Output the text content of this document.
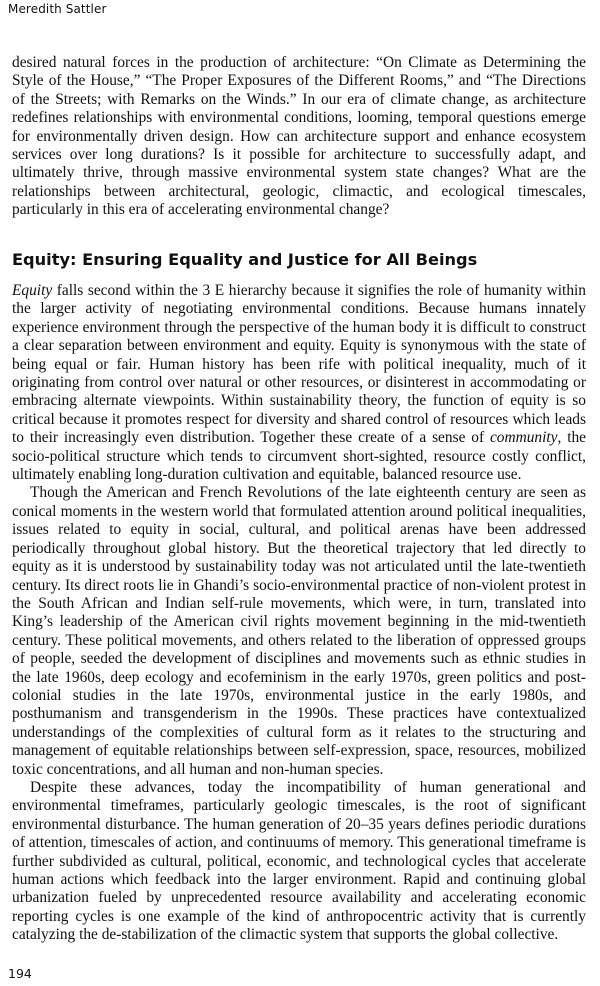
Meredith Sattler

desired natural forces in the production of architecture: “On Climate as Determining the Style of the House,” “The Proper Exposures of the Different Rooms,” and “The Directions of the Streets; with Remarks on the Winds.” In our era of climate change, as architecture redefines relationships with environmental conditions, looming, temporal questions emerge for environmentally driven design. How can architecture support and enhance ecosystem services over long durations? Is it possible for architecture to successfully adapt, and ultimately thrive, through massive environmental system state changes? What are the relationships between architectural, geologic, climactic, and ecological timescales, particularly in this era of accelerating environmental change?

Equity: Ensuring Equality and Justice for All Beings

Equity falls second within the 3 E hierarchy because it signifies the role of humanity within the larger activity of negotiating environmental conditions. Because humans innately experience environment through the perspective of the human body it is difficult to construct a clear separation between environment and equity. Equity is synonymous with the state of being equal or fair. Human history has been rife with political inequality, much of it originating from control over natural or other resources, or disinterest in accommodating or embracing alternate viewpoints. Within sustainability theory, the function of equity is so critical because it promotes respect for diversity and shared control of resources which leads to their increasingly even distribution. Together these create of a sense of community, the socio-political structure which tends to circumvent short-sighted, resource costly conflict, ultimately enabling long-duration cultivation and equitable, balanced resource use.

Though the American and French Revolutions of the late eighteenth century are seen as conical moments in the western world that formulated attention around political inequalities, issues related to equity in social, cultural, and political arenas have been addressed periodically throughout global history. But the theoretical trajectory that led directly to equity as it is understood by sustainability today was not articulated until the late-twentieth century. Its direct roots lie in Ghandi’s socio-environmental practice of non-violent protest in the South African and Indian self-rule movements, which were, in turn, translated into King’s leadership of the American civil rights movement beginning in the mid-twentieth century. These political movements, and others related to the liberation of oppressed groups of people, seeded the development of disciplines and movements such as ethnic studies in the late 1960s, deep ecology and ecofeminism in the early 1970s, green politics and post-colonial studies in the late 1970s, environmental justice in the early 1980s, and posthumanism and transgenderism in the 1990s. These practices have contextualized understandings of the complexities of cultural form as it relates to the structuring and management of equitable relationships between self-expression, space, resources, mobilized toxic concentrations, and all human and non-human species.

Despite these advances, today the incompatibility of human generational and environmental timeframes, particularly geologic timescales, is the root of significant environmental disturbance. The human generation of 20–35 years defines periodic durations of attention, timescales of action, and continuums of memory. This generational timeframe is further subdivided as cultural, political, economic, and technological cycles that accelerate human actions which feedback into the larger environment. Rapid and continuing global urbanization fueled by unprecedented resource availability and accelerating economic reporting cycles is one example of the kind of anthropocentric activity that is currently catalyzing the de-stabilization of the climactic system that supports the global collective.

194
